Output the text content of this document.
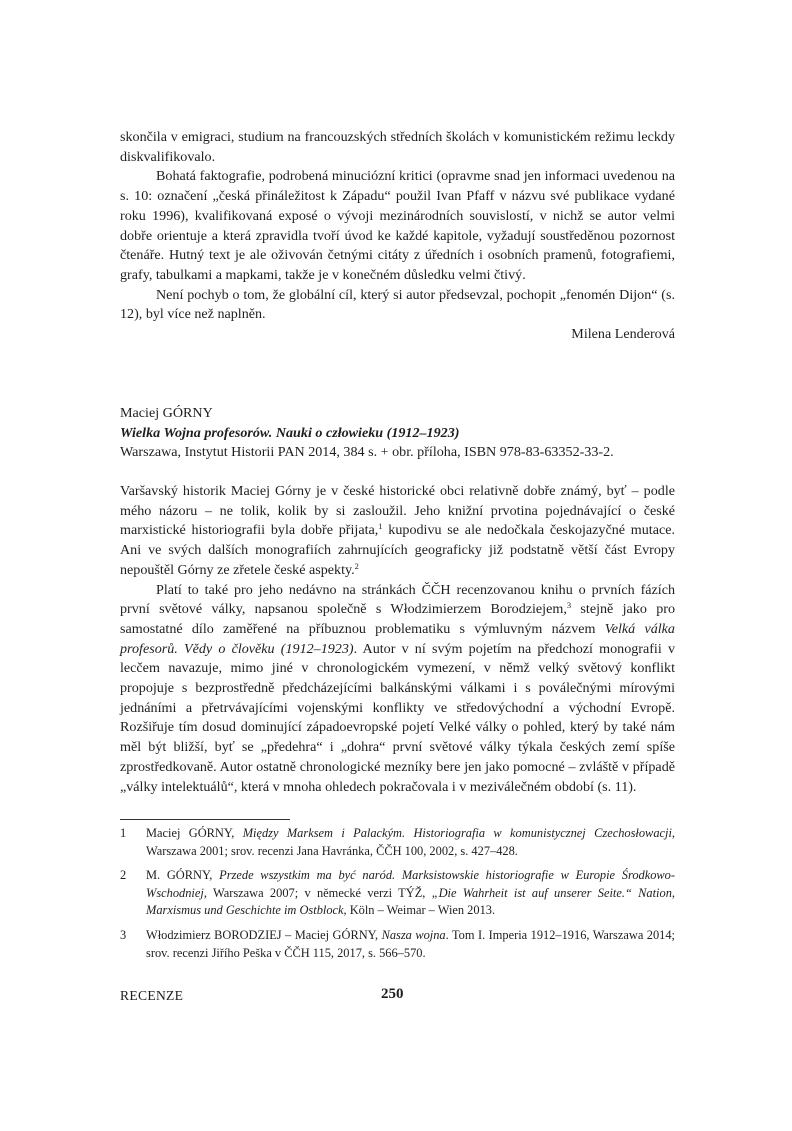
skončila v emigraci, studium na francouzských středních školách v komunistickém režimu leckdy diskvalifikovalo.

Bohatá faktografie, podrobená minuciózní kritici (opravme snad jen informaci uvedenou na s. 10: označení „česká přináležitost k Západu“ použil Ivan Pfaff v názvu své publikace vydané roku 1996), kvalifikovaná exposé o vývoji mezinárodních souvislostí, v nichž se autor velmi dobře orientuje a která zpravidla tvoří úvod ke každé kapitole, vyžadují soustředěnou pozornost čtenáře. Hutný text je ale oživován četnými citáty z úředních i osobních pramenů, fotografiemi, grafy, tabulkami a mapkami, takže je v konečném důsledku velmi čtivý.

Není pochyb o tom, že globální cíl, který si autor předsevzal, pochopit „fenomén Dijon“ (s. 12), byl více než naplněn.

Milena Lenderová

Maciej GÓRNY

Wielka Wojna profesorów. Nauki o człowieku (1912–1923)

Warszawa, Instytut Historii PAN 2014, 384 s. + obr. příloha, ISBN 978-83-63352-33-2.

Varšavský historik Maciej Górny je v české historické obci relativně dobře známý, byť – podle mého názoru – ne tolik, kolik by si zasloužil. Jeho knižní prvotina pojednávající o české marxistické historiografii byla dobře přijata,$^1$ kupodivu se ale nedočkala českojazyčné mutace. Ani ve svých dalších monografiích zahrnujících geograficky již podstatně větší část Evropy nepouštěl Górny ze zřetele české aspekty.$^2$

Platí to také pro jeho nedávno na stránkách ČČH recenzovanou knihu o prvních fázích první světové války, napsanou společně s Włodzimierzem Borodziejem,$^3$ stejně jako pro samostatné dílo zaměřené na příbuznou problematiku s výmluvným názvem Velká válka profesorů. Vědy o člověku (1912–1923). Autor v ní svým pojetím na předchozí monografii v lecčem navazuje, mimo jiné v chronologickém vymezení, v němž velký světový konflikt propojuje s bezprostředně předcházejícími balkánskými válkami i s poválečnými mírovými jednáními a přetrvávajícími vojenskými konflikty ve středovýchodní a východní Evropě. Rozšiřuje tím dosud dominující západoevropské pojetí Velké války o pohled, který by také nám měl být bližší, byť se „předehra“ i „dohra“ první světové války týkala českých zemí spíše zprostředkovaně. Autor ostatně chronologické mezníky bere jen jako pomocné – zvláště v případě „války intelektuálů“, která v mnoha ohledech pokračovala i v meziválečném období (s. 11).

1	Maciej GÓRNY, Między Marksem i Palackým. Historiografia w komunistycznej Czechosłowacji, Warszawa 2001; srov. recenzi Jana Havránka, ČČH 100, 2002, s. 427–428.
2	M. GÓRNY, Przede wszystkim ma być naród. Marksistowskie historiografie w Europie Środkowo-Wschodniej, Warszawa 2007; v německé verzi TÝŽ, „Die Wahrheit ist auf unserer Seite.“ Nation, Marxismus und Geschichte im Ostblock, Köln – Weimar – Wien 2013.
3	Włodzimierz BORODZIEJ – Maciej GÓRNY, Nasza wojna. Tom I. Imperia 1912–1916, Warszawa 2014; srov. recenzi Jiřího Peška v ČČH 115, 2017, s. 566–570.
RECENZE	250
